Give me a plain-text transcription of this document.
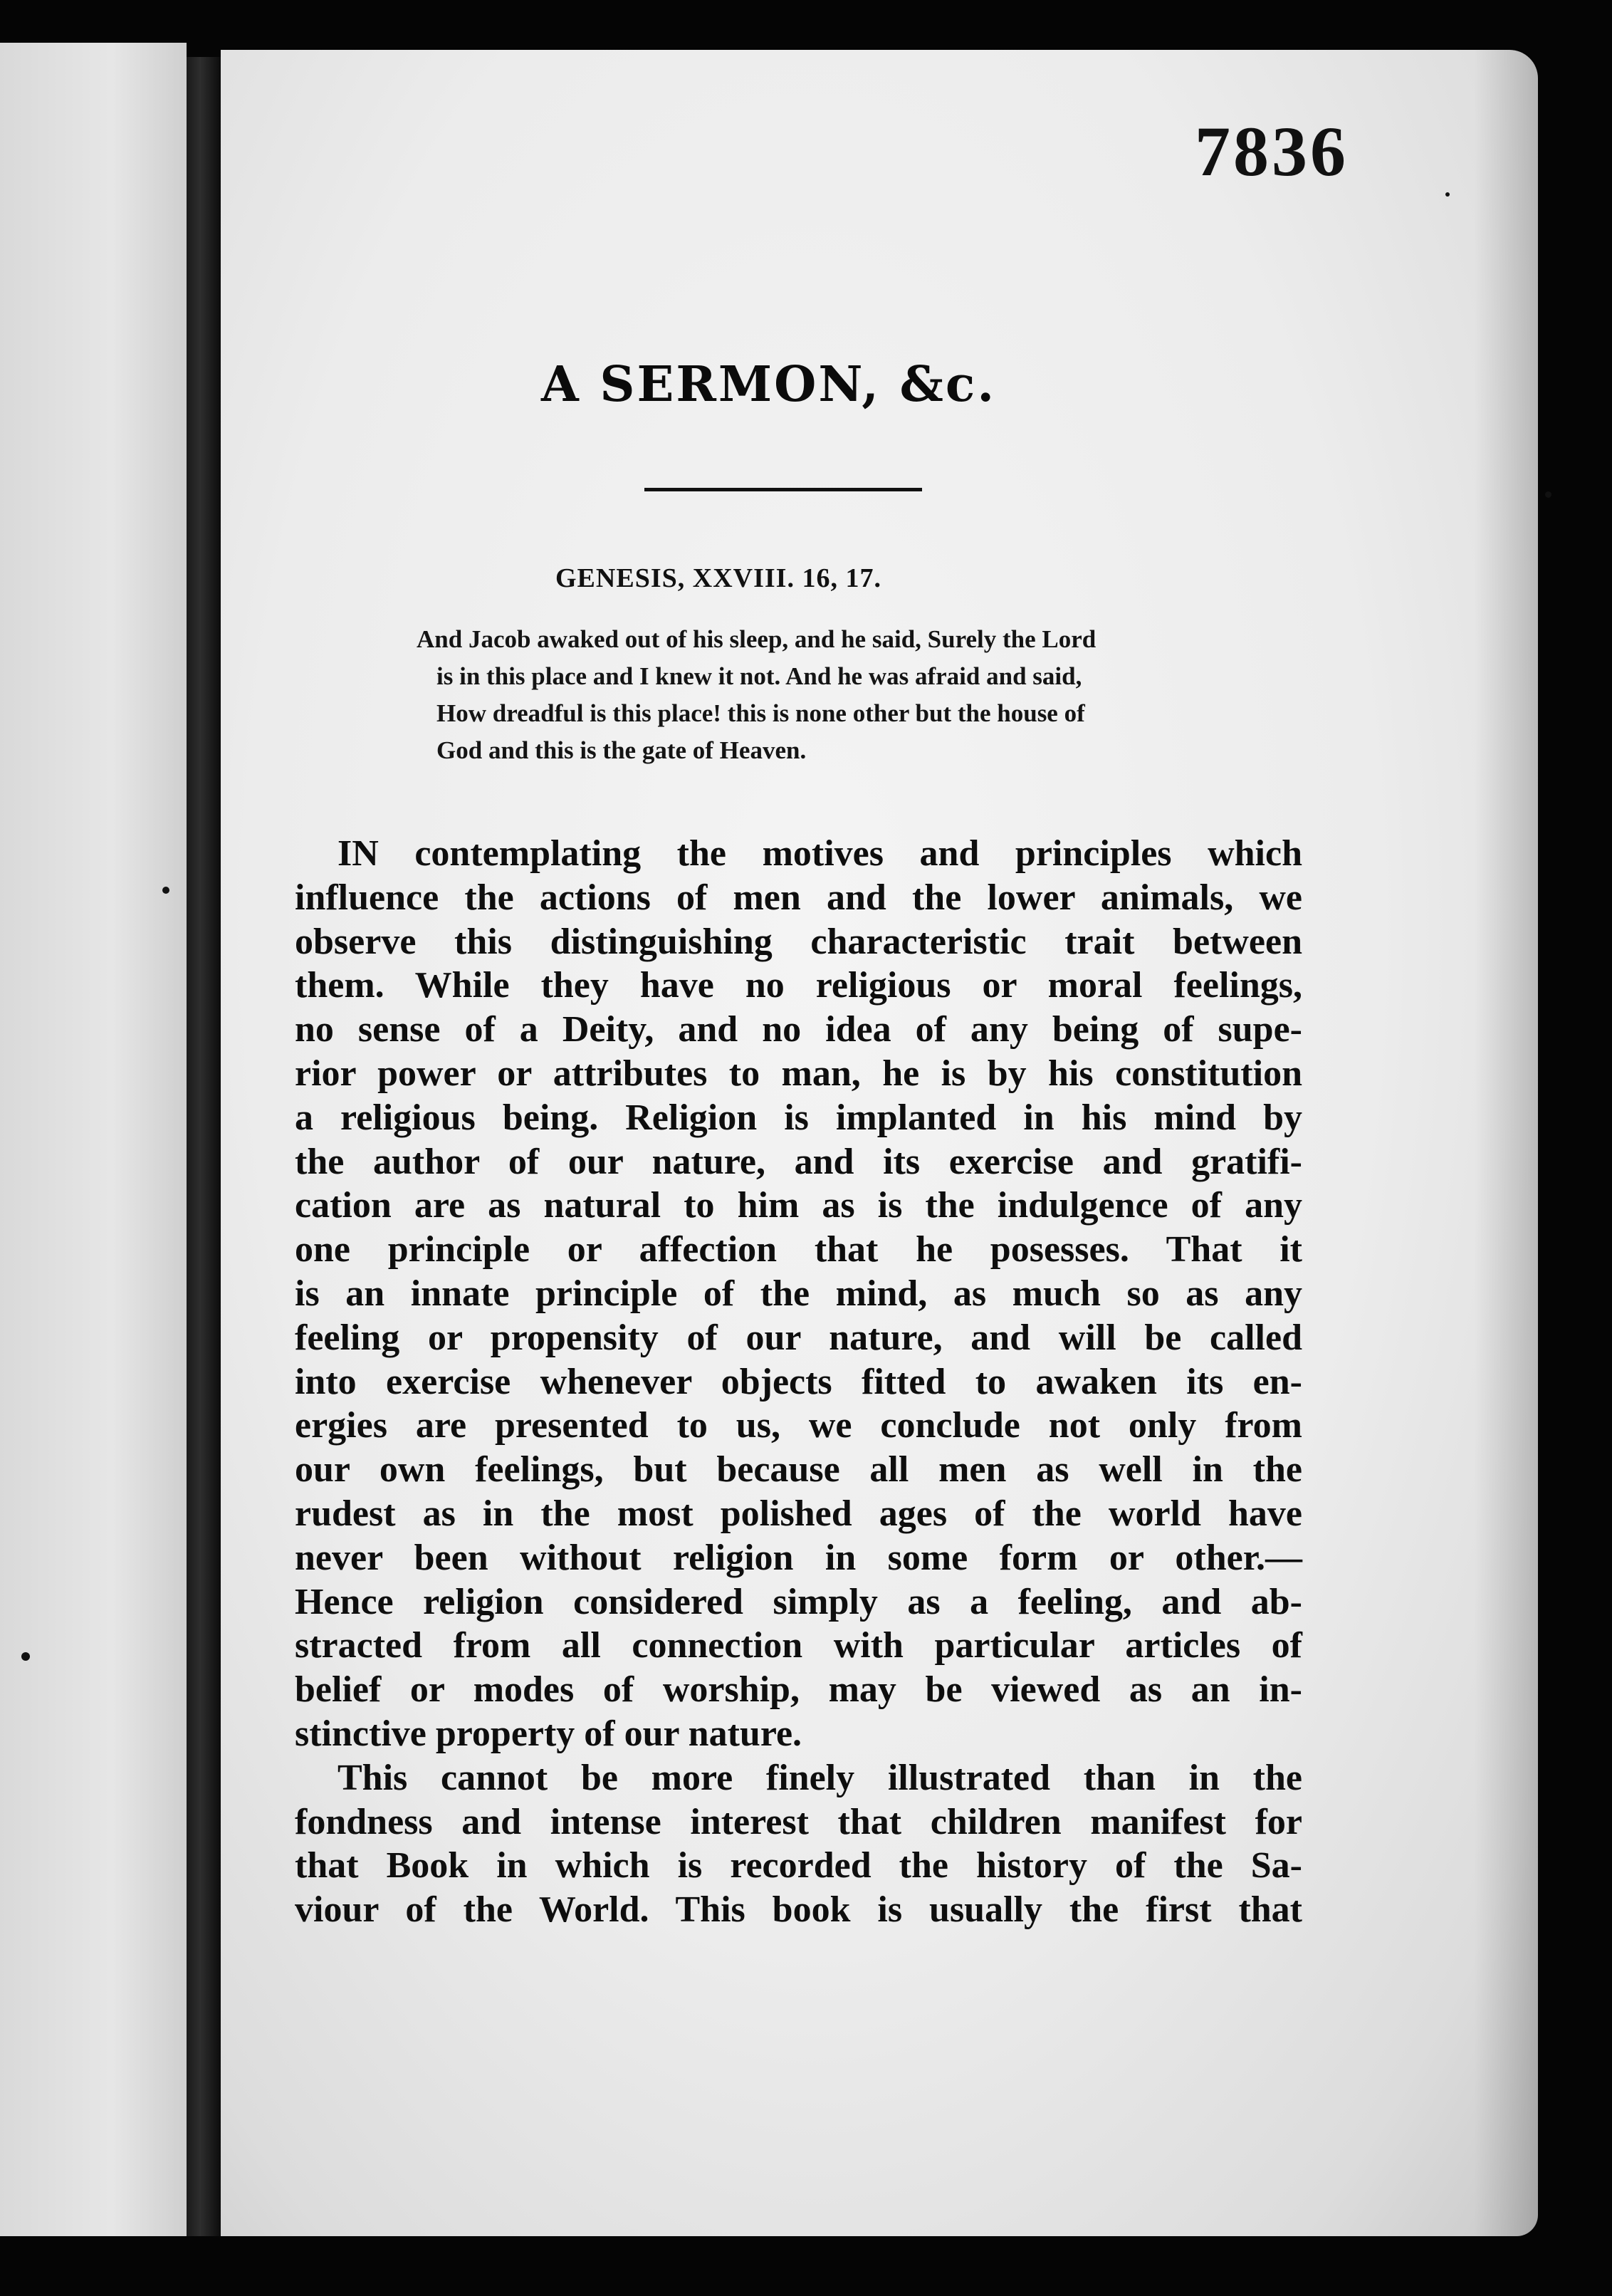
7836
A SERMON, &c.
GENESIS, XXVIII. 16, 17.
And Jacob awaked out of his sleep, and he said, Surely the Lord
is in this place and I knew it not. And he was afraid and said,
How dreadful is this place! this is none other but the house of
God and this is the gate of Heaven.
IN contemplating the motives and principles which
influence the actions of men and the lower animals, we
observe this distinguishing characteristic trait between
them. While they have no religious or moral feelings,
no sense of a Deity, and no idea of any being of supe-
rior power or attributes to man, he is by his constitution
a religious being. Religion is implanted in his mind by
the author of our nature, and its exercise and gratifi-
cation are as natural to him as is the indulgence of any
one principle or affection that he posesses. That it
is an innate principle of the mind, as much so as any
feeling or propensity of our nature, and will be called
into exercise whenever objects fitted to awaken its en-
ergies are presented to us, we conclude not only from
our own feelings, but because all men as well in the
rudest as in the most polished ages of the world have
never been without religion in some form or other.—
Hence religion considered simply as a feeling, and ab-
stracted from all connection with particular articles of
belief or modes of worship, may be viewed as an in-
stinctive property of our nature.
This cannot be more finely illustrated than in the
fondness and intense interest that children manifest for
that Book in which is recorded the history of the Sa-
viour of the World. This book is usually the first that
